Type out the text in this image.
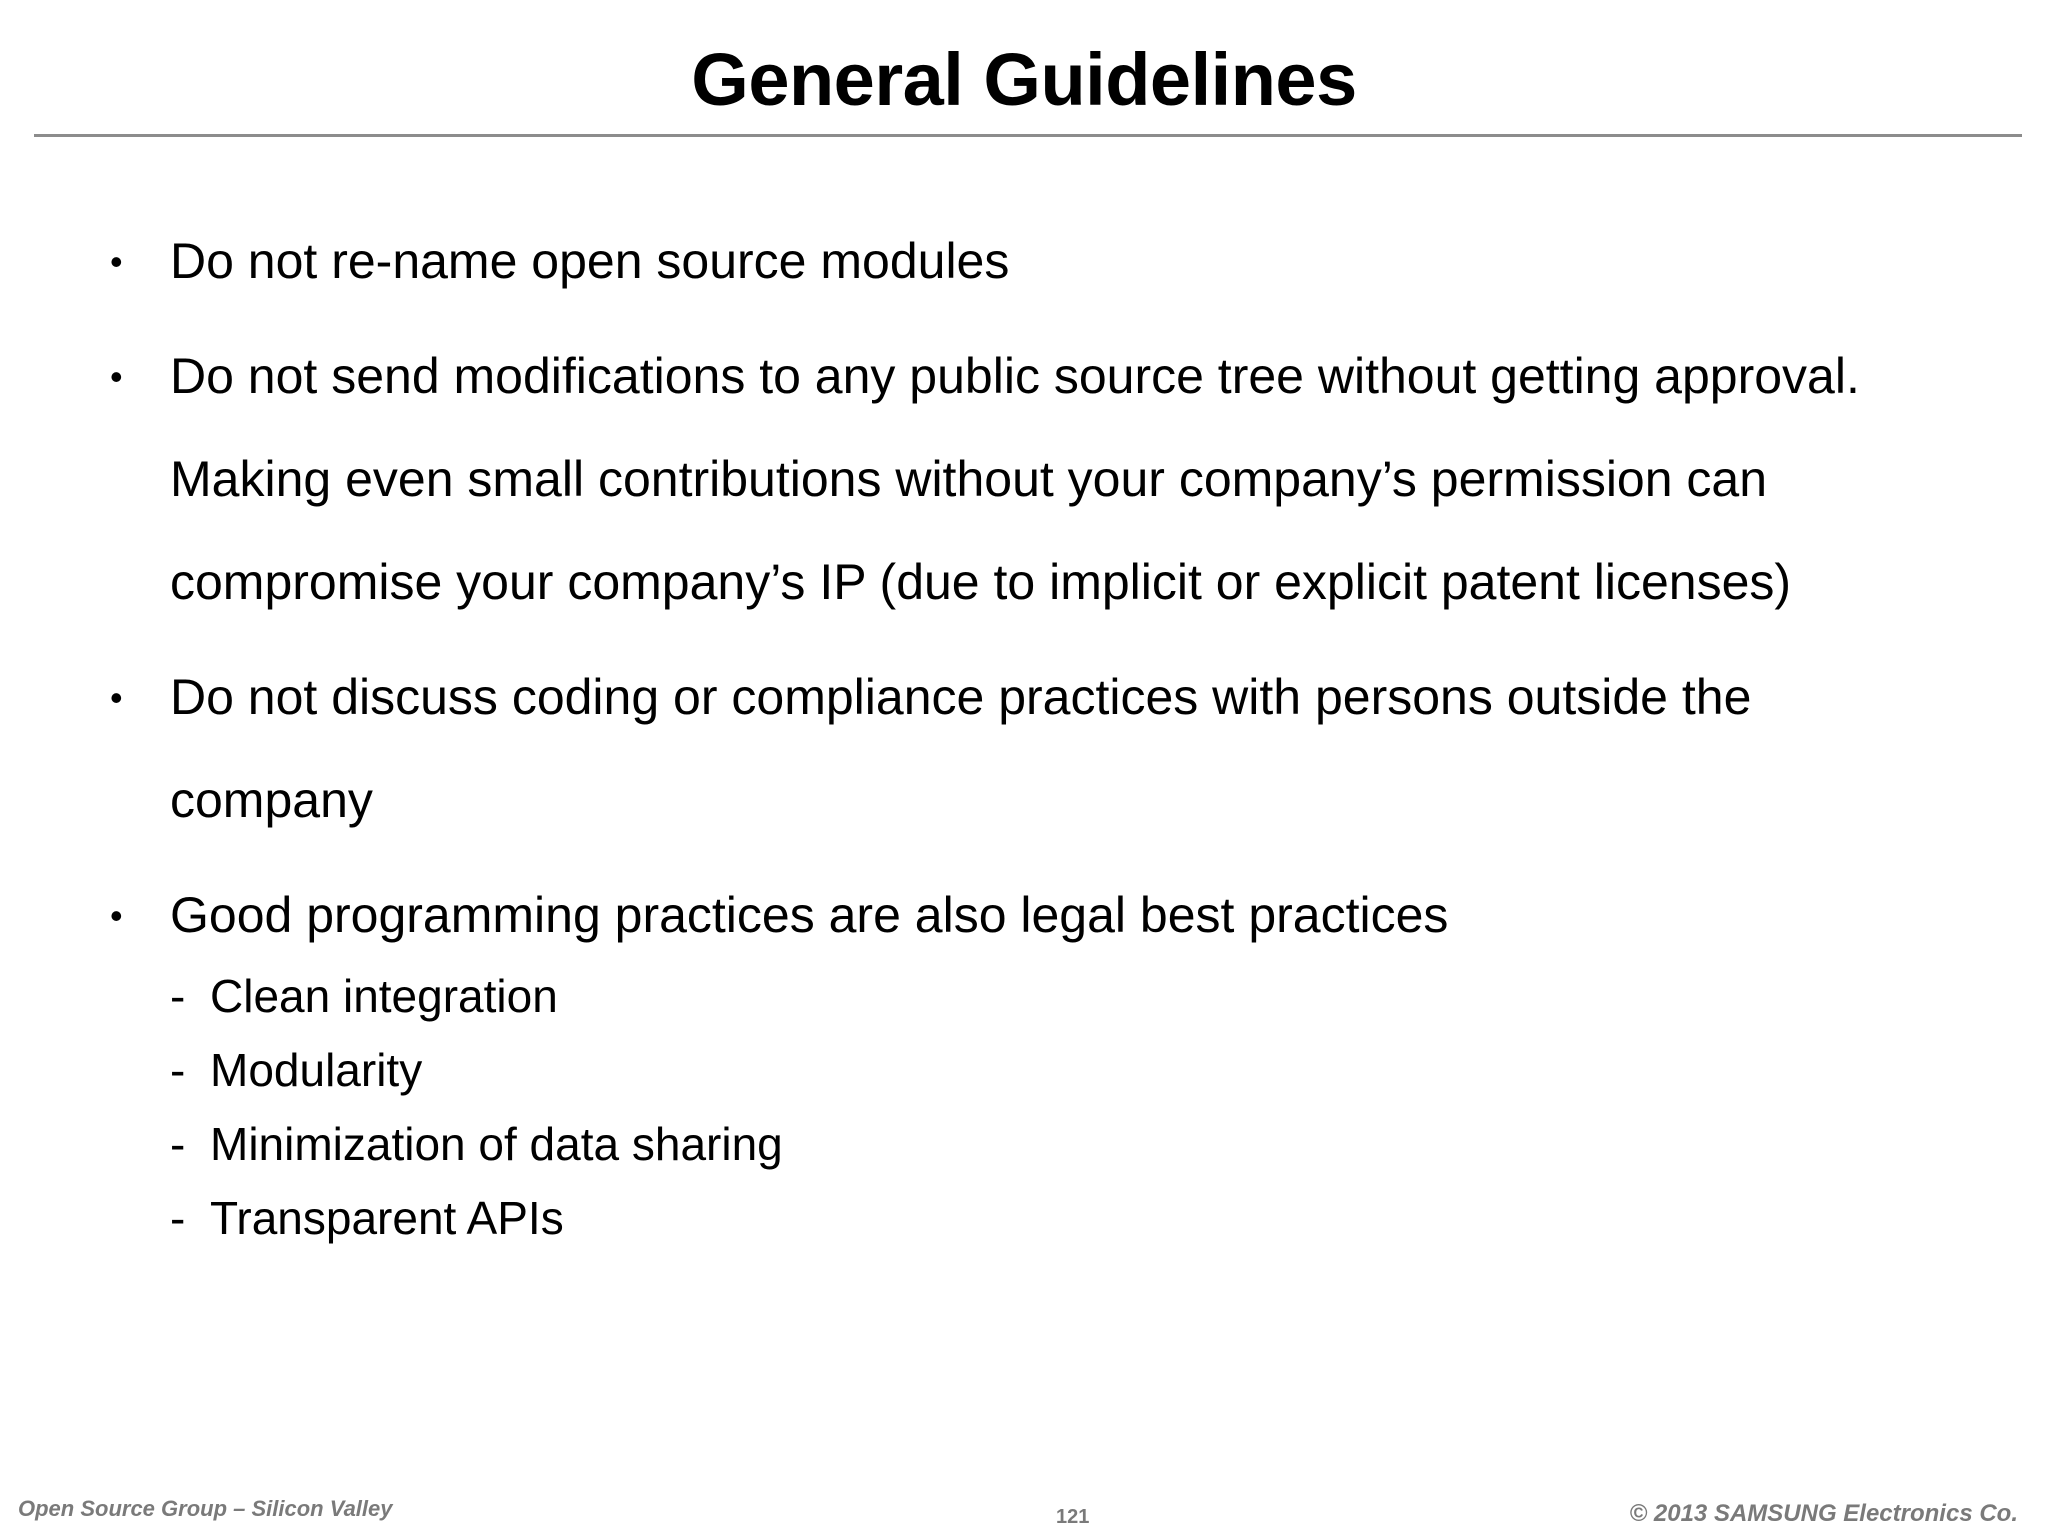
General Guidelines
• Do not re-name open source modules
• Do not send modifications to any public source tree without getting approval. Making even small contributions without your company’s permission can compromise your company’s IP (due to implicit or explicit patent licenses)
• Do not discuss coding or compliance practices with persons outside the company
• Good programming practices are also legal best practices
- Clean integration
- Modularity
- Minimization of data sharing
- Transparent APIs
Open Source Group – Silicon Valley	121	© 2013 SAMSUNG Electronics Co.
